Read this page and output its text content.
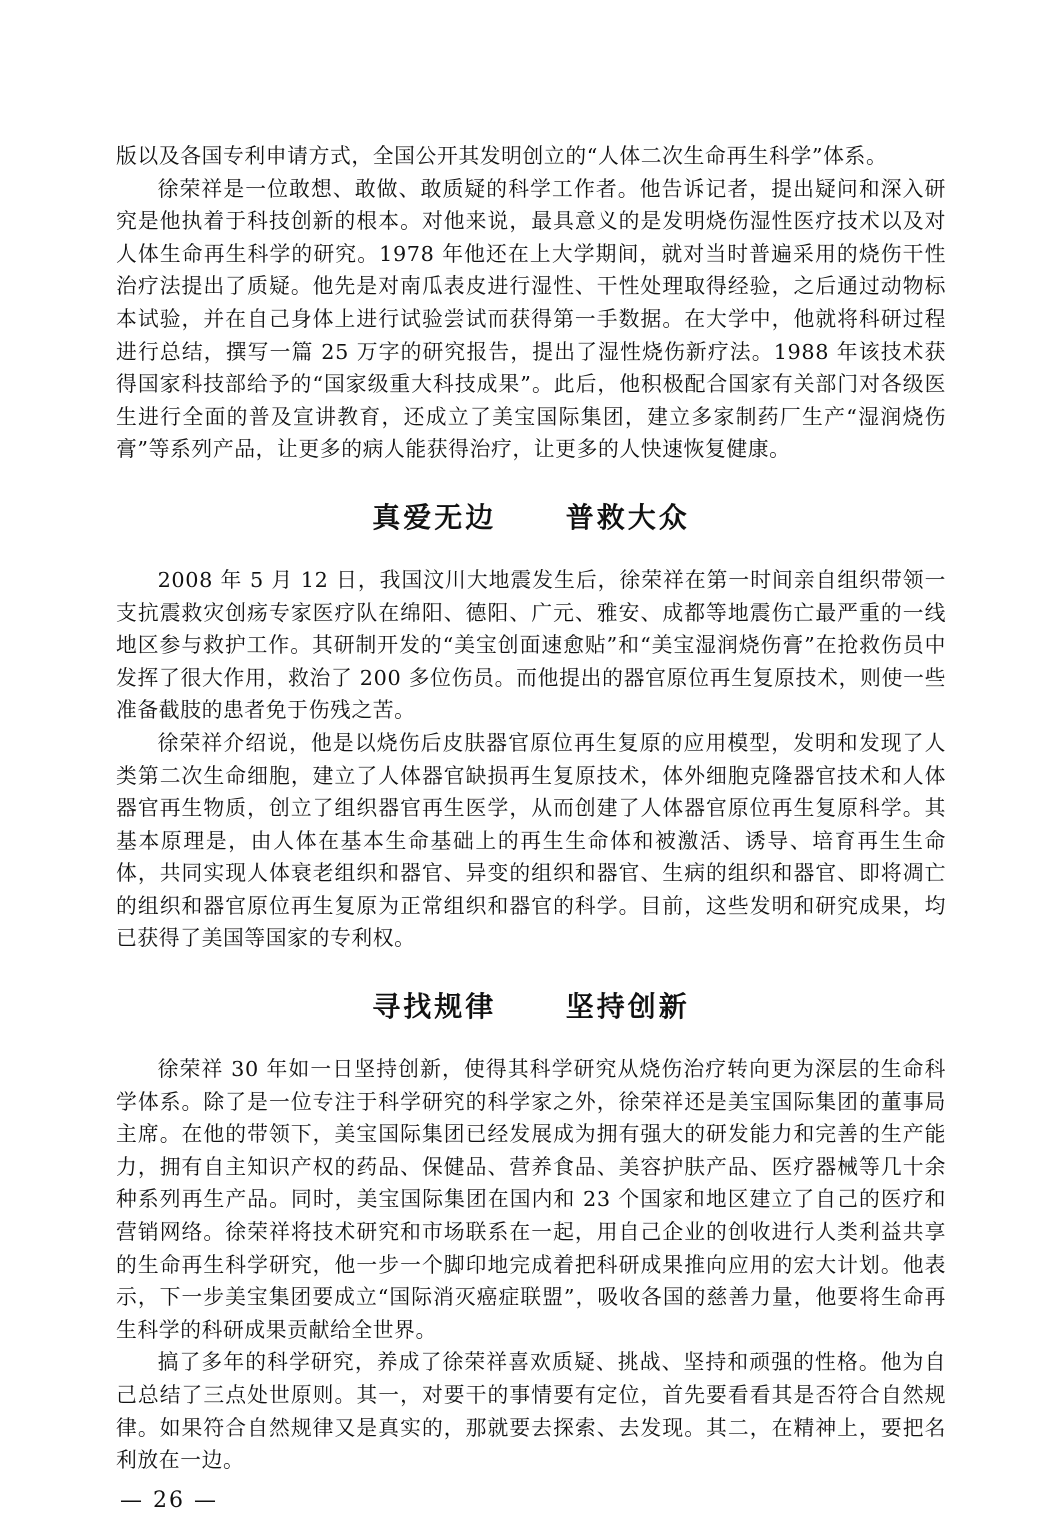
版以及各国专利申请方式，全国公开其发明创立的“人体二次生命再生科学”体系。

徐荣祥是一位敢想、敢做、敢质疑的科学工作者。他告诉记者，提出疑问和深入研究是他执着于科技创新的根本。对他来说，最具意义的是发明烧伤湿性医疗技术以及对人体生命再生科学的研究。1978 年他还在上大学期间，就对当时普遍采用的烧伤干性治疗法提出了质疑。他先是对南瓜表皮进行湿性、干性处理取得经验，之后通过动物标本试验，并在自己身体上进行试验尝试而获得第一手数据。在大学中，他就将科研过程进行总结，撰写一篇 25 万字的研究报告，提出了湿性烧伤新疗法。1988 年该技术获得国家科技部给予的“国家级重大科技成果”。此后，他积极配合国家有关部门对各级医生进行全面的普及宣讲教育，还成立了美宝国际集团，建立多家制药厂生产“湿润烧伤膏”等系列产品，让更多的病人能获得治疗，让更多的人快速恢复健康。

真爱无边  普救大众

2008 年 5 月 12 日，我国汶川大地震发生后，徐荣祥在第一时间亲自组织带领一支抗震救灾创疡专家医疗队在绵阳、德阳、广元、雅安、成都等地震伤亡最严重的一线地区参与救护工作。其研制开发的“美宝创面速愈贴”和“美宝湿润烧伤膏”在抢救伤员中发挥了很大作用，救治了 200 多位伤员。而他提出的器官原位再生复原技术，则使一些准备截肢的患者免于伤残之苦。

徐荣祥介绍说，他是以烧伤后皮肤器官原位再生复原的应用模型，发明和发现了人类第二次生命细胞，建立了人体器官缺损再生复原技术，体外细胞克隆器官技术和人体器官再生物质，创立了组织器官再生医学，从而创建了人体器官原位再生复原科学。其基本原理是，由人体在基本生命基础上的再生生命体和被激活、诱导、培育再生生命体，共同实现人体衰老组织和器官、异变的组织和器官、生病的组织和器官、即将凋亡的组织和器官原位再生复原为正常组织和器官的科学。目前，这些发明和研究成果，均已获得了美国等国家的专利权。

寻找规律  坚持创新

徐荣祥 30 年如一日坚持创新，使得其科学研究从烧伤治疗转向更为深层的生命科学体系。除了是一位专注于科学研究的科学家之外，徐荣祥还是美宝国际集团的董事局主席。在他的带领下，美宝国际集团已经发展成为拥有强大的研发能力和完善的生产能力，拥有自主知识产权的药品、保健品、营养食品、美容护肤产品、医疗器械等几十余种系列再生产品。同时，美宝国际集团在国内和 23 个国家和地区建立了自己的医疗和营销网络。徐荣祥将技术研究和市场联系在一起，用自己企业的创收进行人类利益共享的生命再生科学研究，他一步一个脚印地完成着把科研成果推向应用的宏大计划。他表示，下一步美宝集团要成立“国际消灭癌症联盟”，吸收各国的慈善力量，他要将生命再生科学的科研成果贡献给全世界。

搞了多年的科学研究，养成了徐荣祥喜欢质疑、挑战、坚持和顽强的性格。他为自己总结了三点处世原则。其一，对要干的事情要有定位，首先要看看其是否符合自然规律。如果符合自然规律又是真实的，那就要去探索、去发现。其二，在精神上，要把名利放在一边。

— 26 —
